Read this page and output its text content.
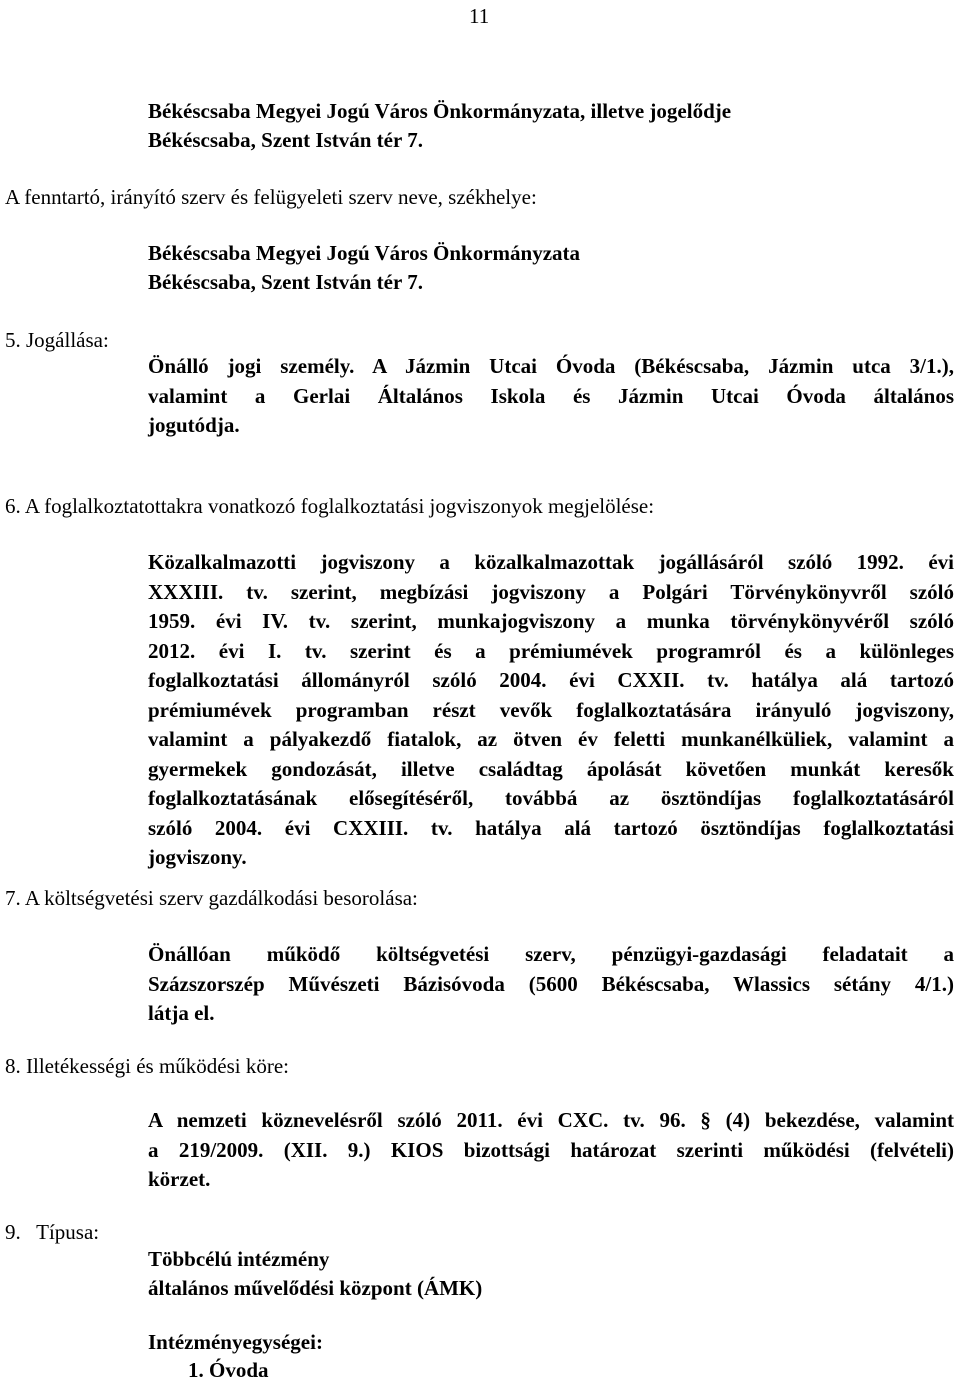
11
Békéscsaba Megyei Jogú Város Önkormányzata, illetve jogelődje
Békéscsaba, Szent István tér 7.
A fenntartó, irányító szerv és felügyeleti szerv neve, székhelye:
Békéscsaba Megyei Jogú Város Önkormányzata
Békéscsaba, Szent István tér 7.
5. Jogállása:
Önálló jogi személy. A Jázmin Utcai Óvoda (Békéscsaba, Jázmin utca 3/1.),
valamint a Gerlai Általános Iskola és Jázmin Utcai Óvoda általános
jogutódja.
6. A foglalkoztatottakra vonatkozó foglalkoztatási jogviszonyok megjelölése:
Közalkalmazotti jogviszony a közalkalmazottak jogállásáról szóló 1992. évi
XXXIII. tv. szerint, megbízási jogviszony a Polgári Törvénykönyvről szóló
1959. évi IV. tv. szerint, munkajogviszony a munka törvénykönyvéről szóló
2012. évi I. tv. szerint és a prémiumévek programról és a különleges
foglalkoztatási állományról szóló 2004. évi CXXII. tv. hatálya alá tartozó
prémiumévek programban részt vevők foglalkoztatására irányuló jogviszony,
valamint a pályakezdő fiatalok, az ötven év feletti munkanélküliek, valamint a
gyermekek gondozását, illetve családtag ápolását követően munkát keresők
foglalkoztatásának elősegítéséről, továbbá az ösztöndíjas foglalkoztatásáról
szóló 2004. évi CXXIII. tv. hatálya alá tartozó ösztöndíjas foglalkoztatási
jogviszony.
7. A költségvetési szerv gazdálkodási besorolása:
Önállóan működő költségvetési szerv, pénzügyi-gazdasági feladatait a
Százszorszép Művészeti Bázisóvoda (5600 Békéscsaba, Wlassics sétány 4/1.)
látja el.
8. Illetékességi és működési köre:
A nemzeti köznevelésről szóló 2011. évi CXC. tv. 96. § (4) bekezdése, valamint
a 219/2009. (XII. 9.) KIOS bizottsági határozat szerinti működési (felvételi)
körzet.
9.   Típusa:
Többcélú intézmény
általános művelődési központ (ÁMK)
Intézményegységei:
1. Óvoda
